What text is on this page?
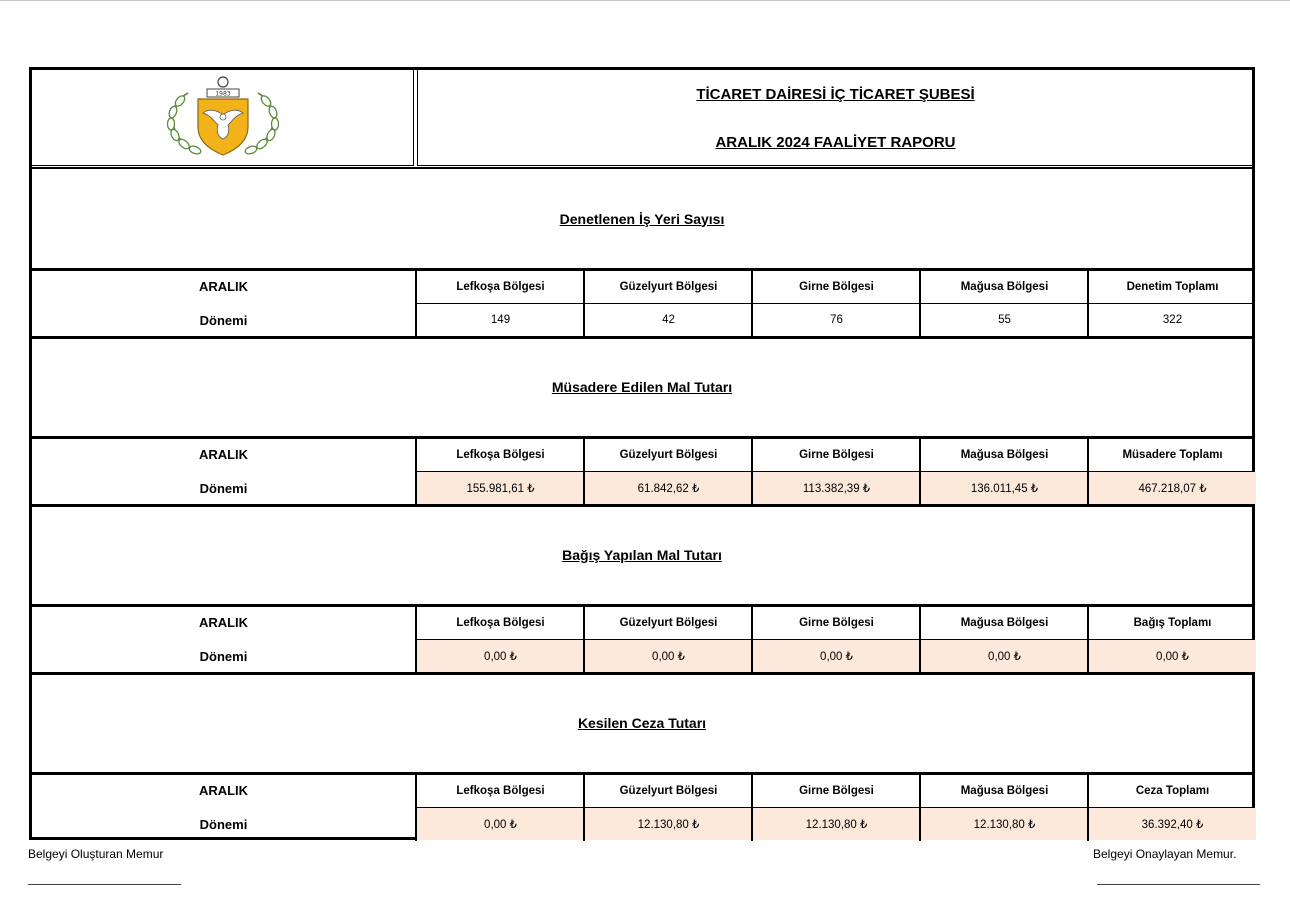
1983	TİCARET DAİRESİ İÇ TİCARET ŞUBESİ
ARALIK 2024 FAALİYET RAPORU
Denetlenen İş Yeri Sayısı
ARALIK
Dönemi
Lefkoşa Bölgesi
149
Güzelyurt Bölgesi
42
Girne Bölgesi
76
Mağusa Bölgesi
55
Denetim Toplamı
322
Müsadere Edilen Mal Tutarı
ARALIK
Dönemi
Lefkoşa Bölgesi
155.981,61 ₺
Güzelyurt Bölgesi
61.842,62 ₺
Girne Bölgesi
113.382,39 ₺
Mağusa Bölgesi
136.011,45 ₺
Müsadere Toplamı
467.218,07 ₺
Bağış Yapılan Mal Tutarı
ARALIK
Dönemi
Lefkoşa Bölgesi
0,00 ₺
Güzelyurt Bölgesi
0,00 ₺
Girne Bölgesi
0,00 ₺
Mağusa Bölgesi
0,00 ₺
Bağış Toplamı
0,00 ₺
Kesilen Ceza Tutarı
ARALIK
Dönemi
Lefkoşa Bölgesi
0,00 ₺
Güzelyurt Bölgesi
12.130,80 ₺
Girne Bölgesi
12.130,80 ₺
Mağusa Bölgesi
12.130,80 ₺
Ceza Toplamı
36.392,40 ₺
Belgeyi Oluşturan Memur	Belgeyi Onaylayan Memur.
